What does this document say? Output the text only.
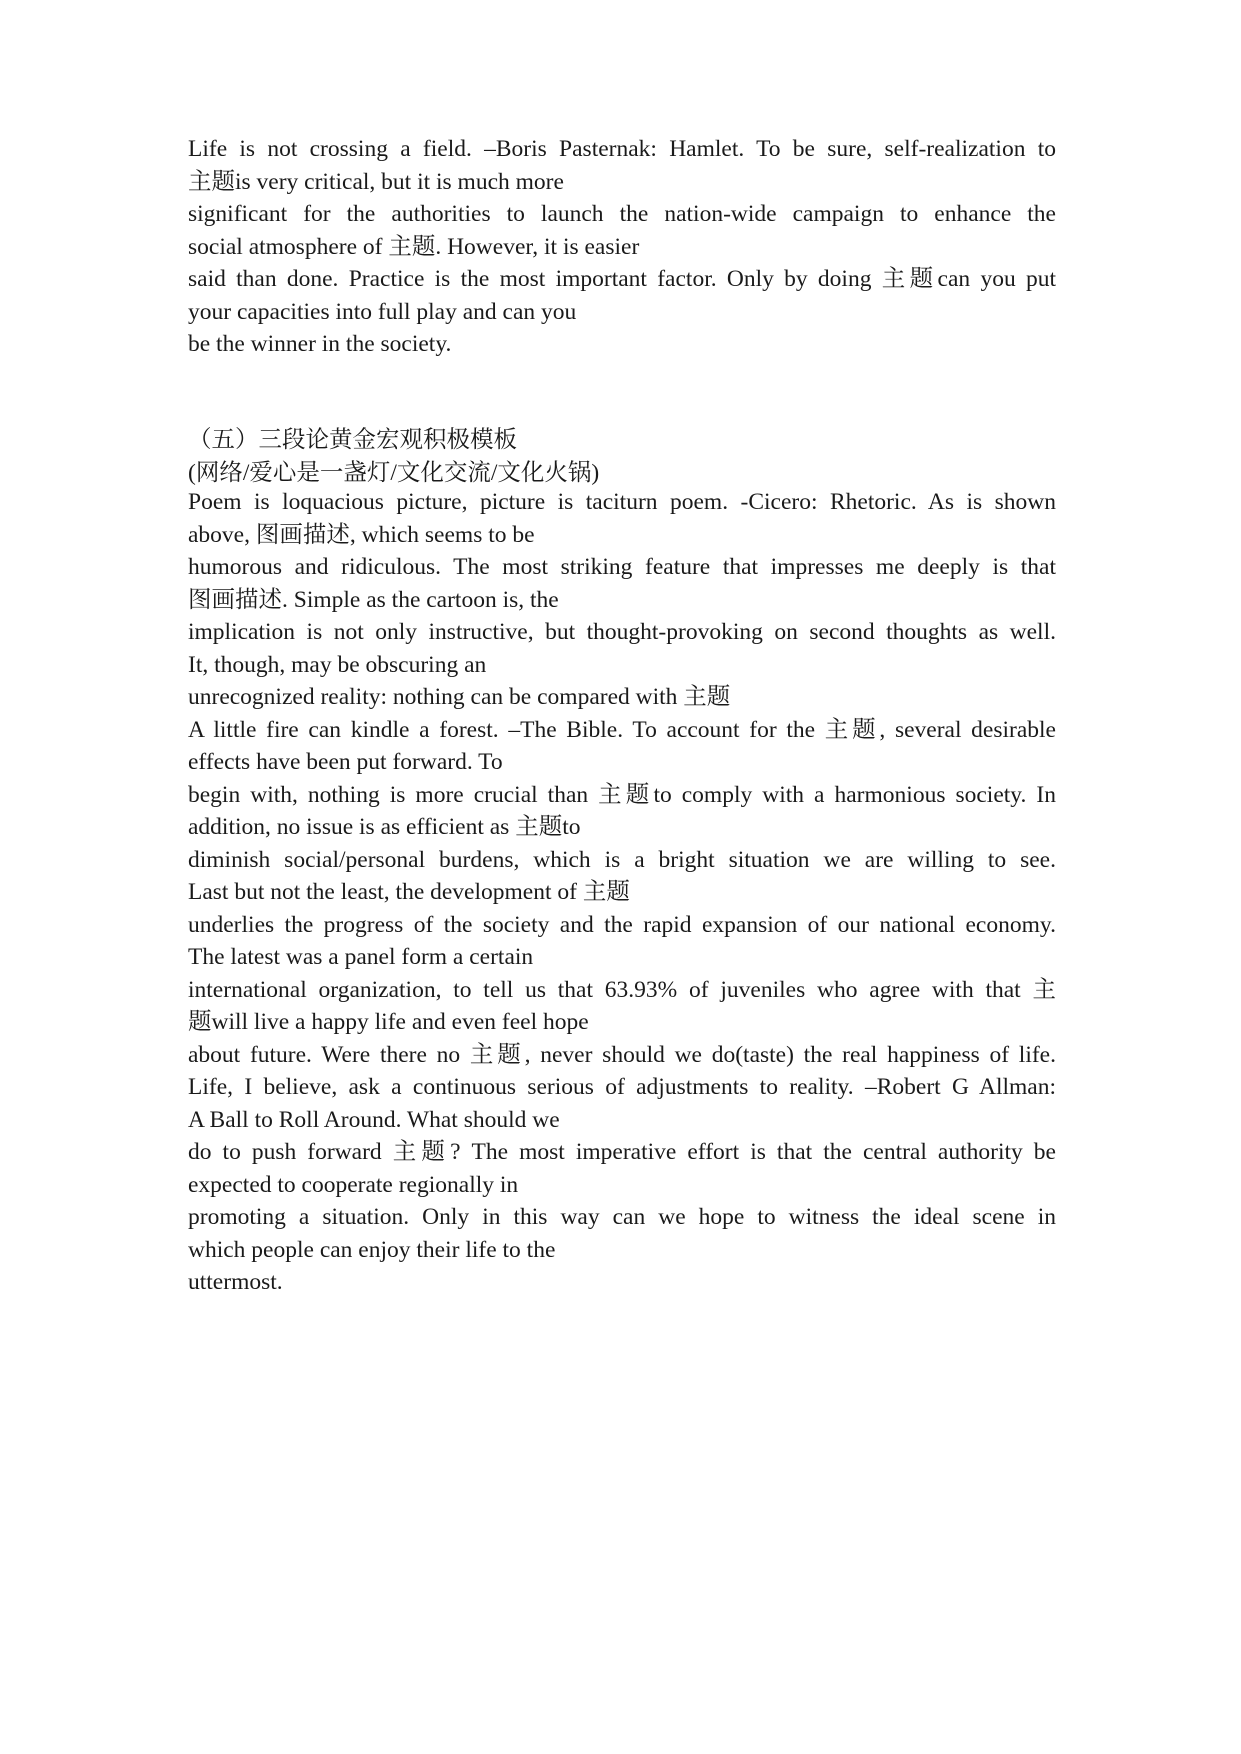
Life is not crossing a field. –Boris Pasternak: Hamlet. To be sure, self-realization to

主题is very critical, but it is much more

significant for the authorities to launch the nation-wide campaign to enhance the

social atmosphere of 主题. However, it is easier

said than done. Practice is the most important factor. Only by doing 主题can you put

your capacities into full play and can you

be the winner in the society.

（五）三段论黄金宏观积极模板

(网络/爱心是一盏灯/文化交流/文化火锅)

Poem is loquacious picture, picture is taciturn poem. -Cicero: Rhetoric. As is shown

above, 图画描述, which seems to be

humorous and ridiculous. The most striking feature that impresses me deeply is that

图画描述. Simple as the cartoon is, the

implication is not only instructive, but thought-provoking on second thoughts as well.

It, though, may be obscuring an

unrecognized reality: nothing can be compared with 主题

A little fire can kindle a forest. –The Bible. To account for the 主题, several desirable

effects have been put forward. To

begin with, nothing is more crucial than 主题to comply with a harmonious society. In

addition, no issue is as efficient as 主题to

diminish social/personal burdens, which is a bright situation we are willing to see.

Last but not the least, the development of 主题

underlies the progress of the society and the rapid expansion of our national economy.

The latest was a panel form a certain

international organization, to tell us that 63.93% of juveniles who agree with that 主

题will live a happy life and even feel hope

about future. Were there no 主题, never should we do(taste) the real happiness of life.

Life, I believe, ask a continuous serious of adjustments to reality. –Robert G Allman:

A Ball to Roll Around. What should we

do to push forward 主题? The most imperative effort is that the central authority be

expected to cooperate regionally in

promoting a situation. Only in this way can we hope to witness the ideal scene in

which people can enjoy their life to the

uttermost.
